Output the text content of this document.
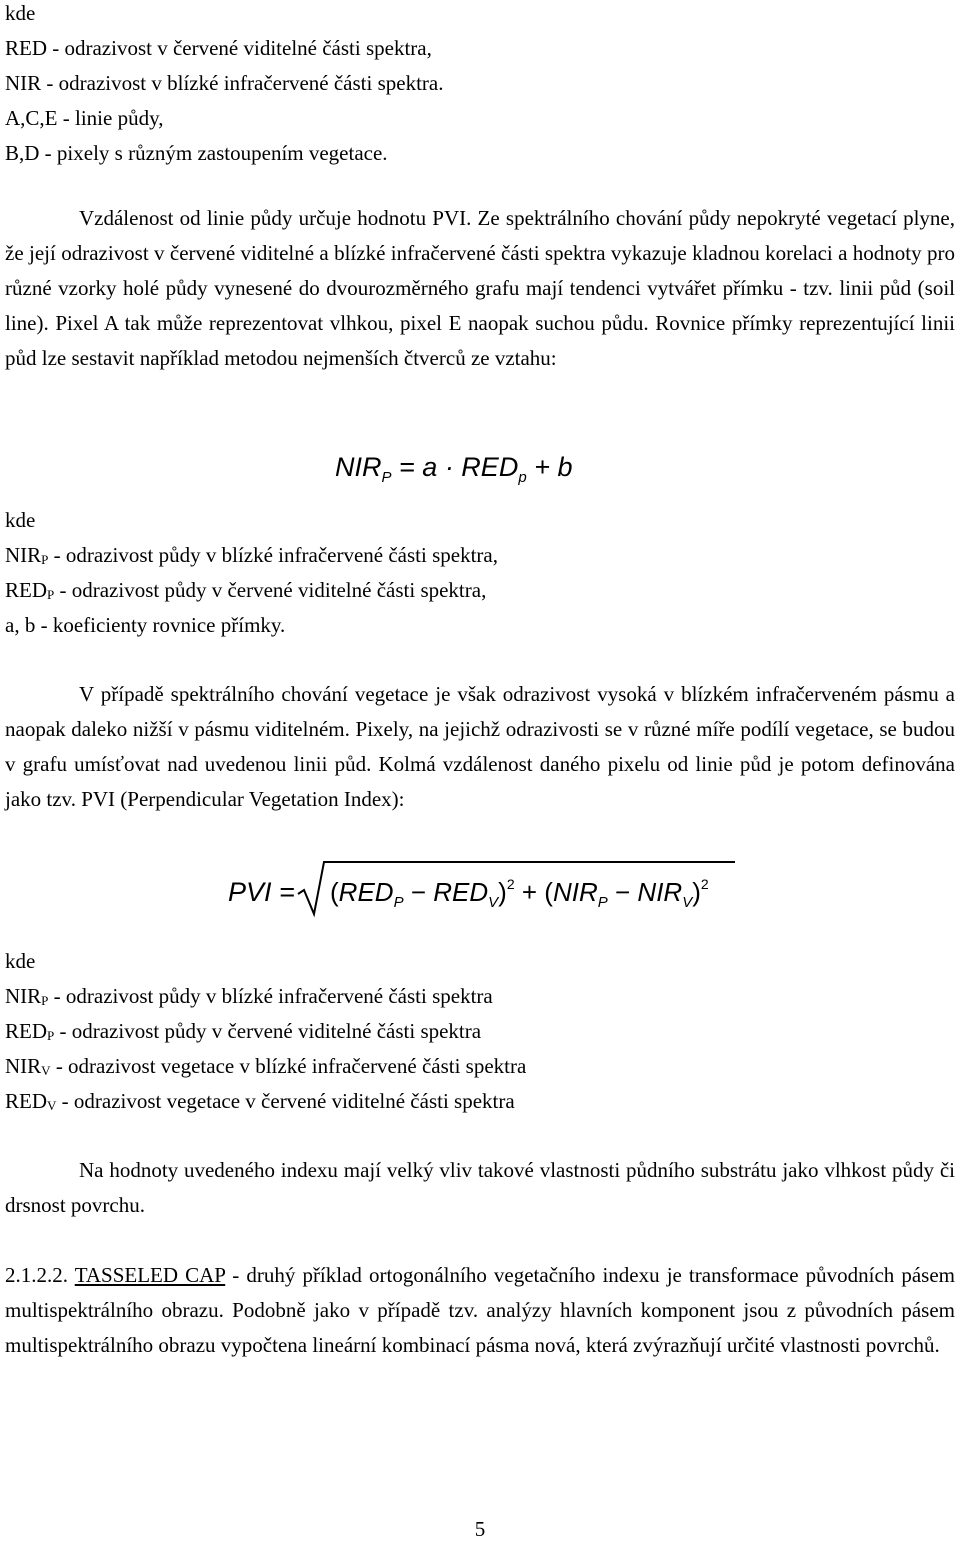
kde
RED - odrazivost v červené viditelné části spektra,
NIR - odrazivost v blízké infračervené části spektra.
A,C,E - linie půdy,
B,D - pixely s různým zastoupením vegetace.

Vzdálenost od linie půdy určuje hodnotu PVI. Ze spektrálního chování půdy nepokryté vegetací plyne, že její odrazivost v červené viditelné a blízké infračervené části spektra vykazuje kladnou korelaci a hodnoty pro různé vzorky holé půdy vynesené do dvourozměrného grafu mají tendenci vytvářet přímku - tzv. linii půd (soil line). Pixel A tak může reprezentovat vlhkou, pixel E naopak suchou půdu. Rovnice přímky reprezentující linii půd lze sestavit například metodou nejmenších čtverců ze vztahu:

$NIR_P = a \cdot RED_p + b$
kde
$NIR_P$ - odrazivost půdy v blízké infračervené části spektra,
$RED_P$ - odrazivost půdy v červené viditelné části spektra,
a, b - koeficienty rovnice přímky.

V případě spektrálního chování vegetace je však odrazivost vysoká v blízkém infračerveném pásmu a naopak daleko nižší v pásmu viditelném. Pixely, na jejichž odrazivosti se v různé míře podílí vegetace, se budou v grafu umísťovat nad uvedenou linii půd. Kolmá vzdálenost daného pixelu od linie půd je potom definována jako tzv. PVI (Perpendicular Vegetation Index):

PVI = $(RED_P - RED_V)^2 + (NIR_P - NIR_V)^2$
kde
$NIR_P$ - odrazivost půdy v blízké infračervené části spektra
$RED_P$ - odrazivost půdy v červené viditelné části spektra
$NIR_V$ - odrazivost vegetace v blízké infračervené části spektra
$RED_V$ - odrazivost vegetace v červené viditelné části spektra

Na hodnoty uvedeného indexu mají velký vliv takové vlastnosti půdního substrátu jako vlhkost půdy či drsnost povrchu.

2.1.2.2. TASSELED CAP - druhý příklad ortogonálního vegetačního indexu je transformace původních pásem multispektrálního obrazu. Podobně jako v případě tzv. analýzy hlavních komponent jsou z původních pásem multispektrálního obrazu vypočtena lineární kombinací pásma nová, která zvýrazňují určité vlastnosti povrchů.

5
